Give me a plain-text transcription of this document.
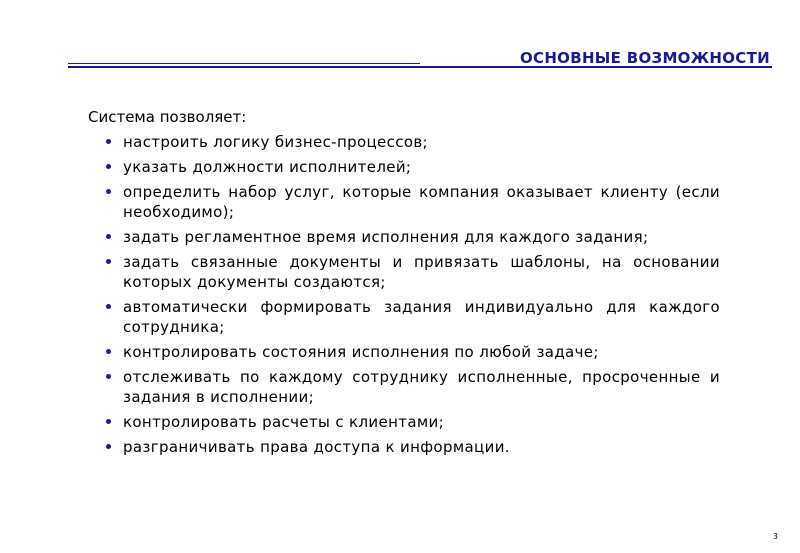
ОСНОВНЫЕ ВОЗМОЖНОСТИ

Система позволяет:

настроить логику бизнес-процессов;
указать должности исполнителей;
определить набор услуг, которые компания оказывает клиенту (если необходимо);
задать регламентное время исполнения для каждого задания;
задать связанные документы и привязать шаблоны, на основании которых документы создаются;
автоматически формировать задания индивидуально для каждого сотрудника;
контролировать состояния исполнения по любой задаче;
отслеживать по каждому сотруднику исполненные, просроченные и задания в исполнении;
контролировать расчеты с клиентами;
разграничивать права доступа к информации.
3
